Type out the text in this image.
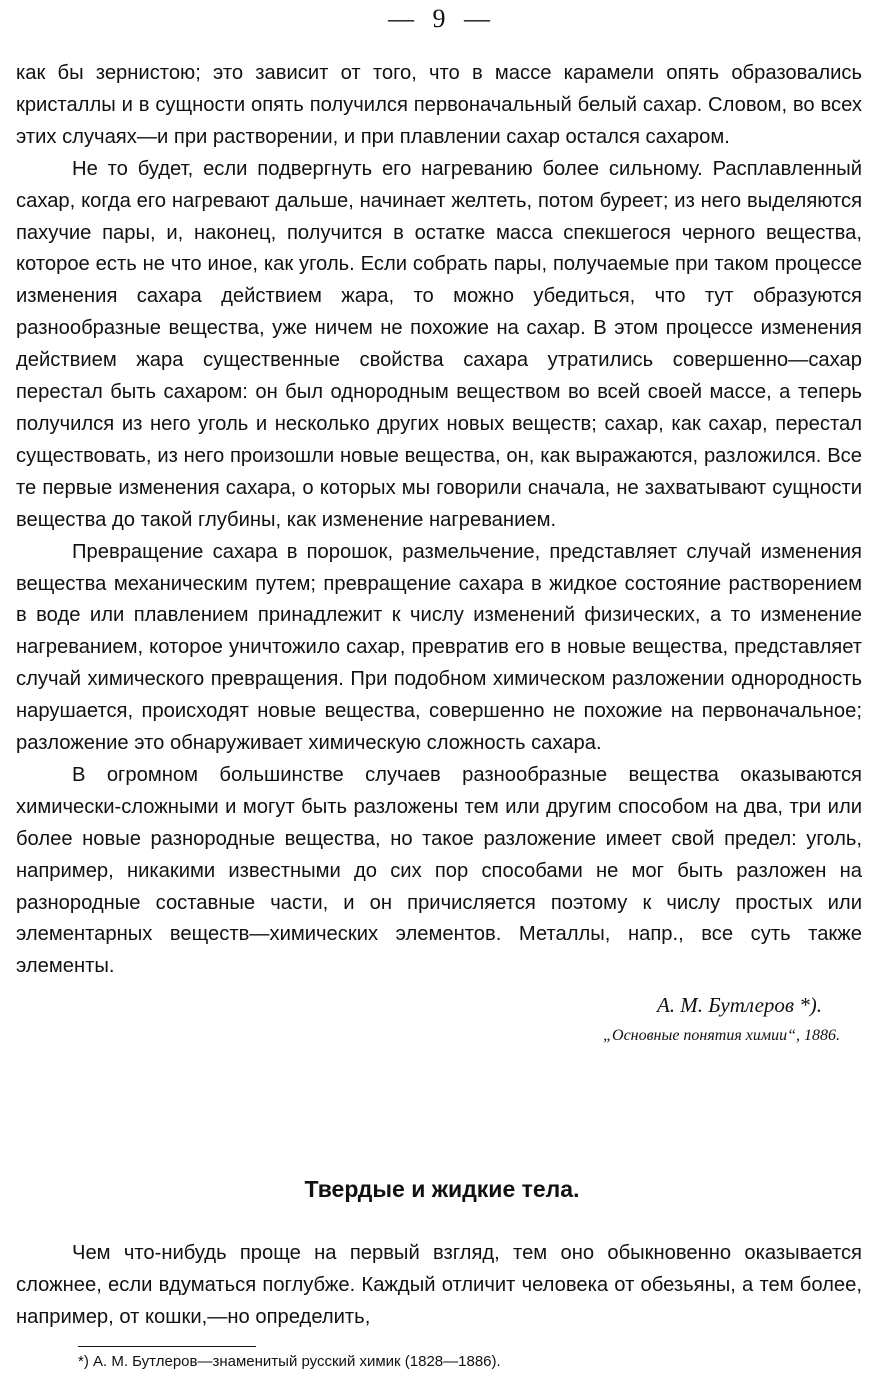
— 9 —

как бы зернистою; это зависит от того, что в массе карамели опять образовались кристаллы и в сущности опять получился первоначальный белый сахар. Словом, во всех этих случаях—и при растворении, и при плавлении сахар остался сахаром.

Не то будет, если подвергнуть его нагреванию более сильному. Расплавленный сахар, когда его нагревают дальше, начинает желтеть, потом буреет; из него выделяются пахучие пары, и, наконец, получится в остатке масса спекшегося черного вещества, которое есть не что иное, как уголь. Если собрать пары, получаемые при таком процессе изменения сахара действием жара, то можно убедиться, что тут образуются разнообразные вещества, уже ничем не похожие на сахар. В этом процессе изменения действием жара существенные свойства сахара утратились совершенно—сахар перестал быть сахаром: он был однородным веществом во всей своей массе, а теперь получился из него уголь и несколько других новых веществ; сахар, как сахар, перестал существовать, из него произошли новые вещества, он, как выражаются, разложился. Все те первые изменения сахара, о которых мы говорили сначала, не захватывают сущности вещества до такой глубины, как изменение нагреванием.

Превращение сахара в порошок, размельчение, представляет случай изменения вещества механическим путем; превращение сахара в жидкое состояние растворением в воде или плавлением принадлежит к числу изменений физических, а то изменение нагреванием, которое уничтожило сахар, превратив его в новые вещества, представляет случай химического превращения. При подобном химическом разложении однородность нарушается, происходят новые вещества, совершенно не похожие на первоначальное; разложение это обнаруживает химическую сложность сахара.

В огромном большинстве случаев разнообразные вещества оказываются химически-сложными и могут быть разложены тем или другим способом на два, три или более новые разнородные вещества, но такое разложение имеет свой предел: уголь, например, никакими известными до сих пор способами не мог быть разложен на разнородные составные части, и он причисляется поэтому к числу простых или элементарных веществ—химических элементов. Металлы, напр., все суть также элементы.

А. М. Бутлеров *).
„Основные понятия химии“, 1886.
Твердые и жидкие тела.

Чем что-нибудь проще на первый взгляд, тем оно обыкновенно оказывается сложнее, если вдуматься поглубже. Каждый отличит человека от обезьяны, а тем более, например, от кошки,—но определить,

*) А. М. Бутлеров—знаменитый русский химик (1828—1886).
